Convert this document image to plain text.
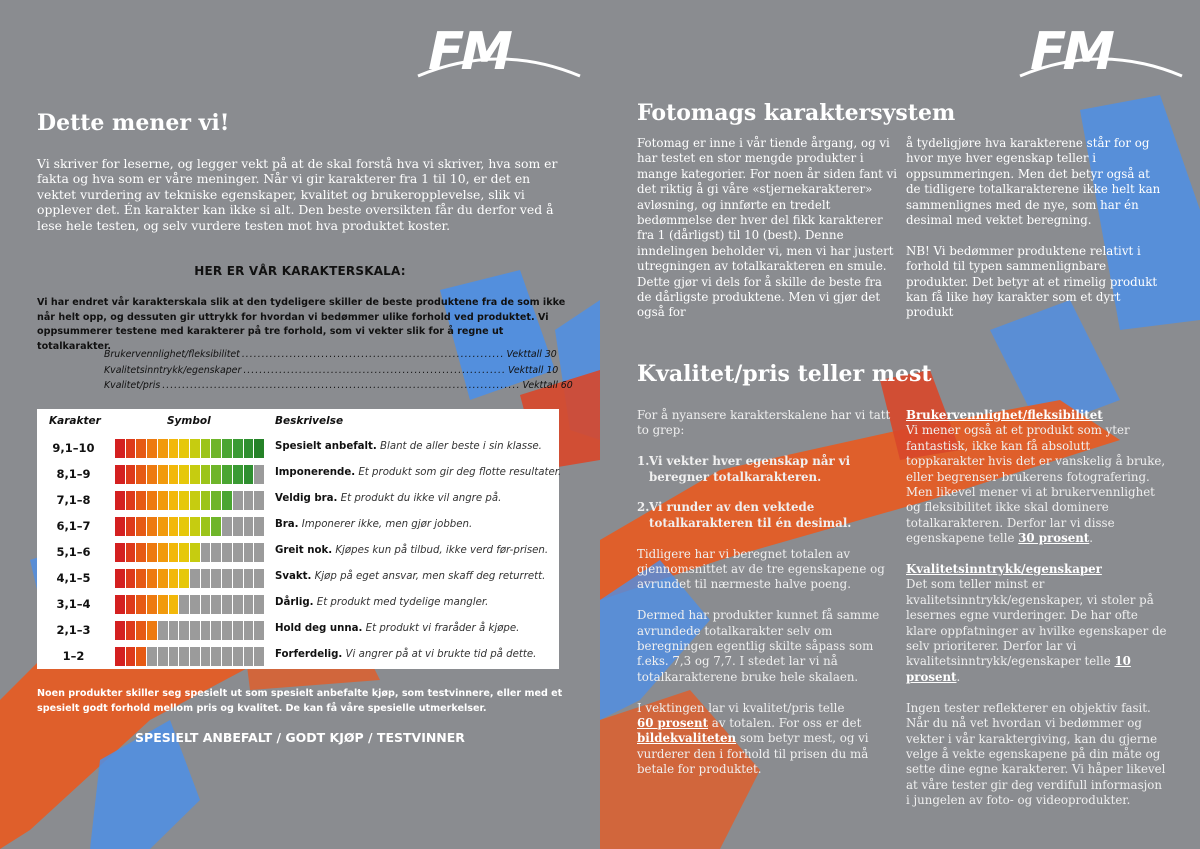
FM
Dette mener vi!
Vi skriver for leserne, og legger vekt på at de skal forstå hva vi skriver, hva som er fakta og hva som er våre meninger. Når vi gir karakterer fra 1 til 10, er det en vektet vurdering av tekniske egenskaper, kvalitet og brukeropplevelse, slik vi opplever det. Én karakter kan ikke si alt. Den beste oversikten får du derfor ved å lese hele testen, og selv vurdere testen mot hva produktet koster.
HER ER VÅR KARAKTERSKALA:
Vi har endret vår karakterskala slik at den tydeligere skiller de beste produktene fra de som ikke når helt opp, og dessuten gir uttrykk for hvordan vi bedømmer ulike forhold ved produktet. Vi oppsummerer testene med karakterer på tre forhold, som vi vekter slik for å regne ut totalkarakter.
Brukervennlighet/fleksibilitet .................................................................. Vekttall 30
Kvalitetsinntrykk/egenskaper .................................................................. Vekttall 10
Kvalitet/pris .......................................................................................... Vekttall 60
Karakter	Symbol	Beskrivelse
9,1–10	Spesielt anbefalt. Blant de aller beste i sin klasse.
8,1–9	Imponerende. Et produkt som gir deg flotte resultater.
7,1–8	Veldig bra. Et produkt du ikke vil angre på.
6,1–7	Bra. Imponerer ikke, men gjør jobben.
5,1–6	Greit nok. Kjøpes kun på tilbud, ikke verd før-prisen.
4,1–5	Svakt. Kjøp på eget ansvar, men skaff deg returrett.
3,1–4	Dårlig. Et produkt med tydelige mangler.
2,1–3	Hold deg unna. Et produkt vi fraråder å kjøpe.
1–2	Forferdelig. Vi angrer på at vi brukte tid på dette.
Noen produkter skiller seg spesielt ut som spesielt anbefalte kjøp, som testvinnere, eller med et spesielt godt forhold mellom pris og kvalitet. De kan få våre spesielle utmerkelser.
SPESIELT ANBEFALT / GODT KJØP / TESTVINNER
FM
Fotomags karaktersystem

Fotomag er inne i vår tiende årgang, og vi har testet en stor mengde produkter i mange kategorier. For noen år siden fant vi det riktig å gi våre «stjernekarakterer» avløsning, og innførte en tredelt bedømmelse der hver del fikk karakterer fra 1 (dårligst) til 10 (best). Denne inndelingen beholder vi, men vi har justert utregningen av totalkarakteren en smule. Dette gjør vi dels for å skille de beste fra de dårligste produktene. Men vi gjør det også for

å tydeligjøre hva karakterene står for og hvor mye hver egenskap teller i oppsummeringen. Men det betyr også at de tidligere totalkarakterene ikke helt kan sammenlignes med de nye, som har én desimal med vektet beregning.

NB! Vi bedømmer produktene relativt i forhold til typen sammenlignbare produkter. Det betyr at et rimelig produkt kan få like høy karakter som et dyrt produkt

Kvalitet/pris teller mest

For å nyansere karakterskalene har vi tatt to grep:

1. Vi vekter hver egenskap når vi beregner totalkarakteren.
2. Vi runder av den vektede totalkarakteren til én desimal.

Tidligere har vi beregnet totalen av gjennomsnittet av de tre egenskapene og avrundet til nærmeste halve poeng.

Dermed har produkter kunnet få samme avrundede totalkarakter selv om beregningen egentlig skilte såpass som f.eks. 7,3 og 7,7. I stedet lar vi nå totalkarakterene bruke hele skalaen.

I vektingen lar vi kvalitet/pris telle
60 prosent av totalen. For oss er det
bildekvaliteten som betyr mest, og vi vurderer den i forhold til prisen du må betale for produktet.

Brukervennlighet/fleksibilitet

Vi mener også at et produkt som yter fantastisk, ikke kan få absolutt toppkarakter hvis det er vanskelig å bruke, eller begrenser brukerens fotografering. Men likevel mener vi at brukervennlighet og fleksibilitet ikke skal dominere totalkarakteren. Derfor lar vi disse egenskapene telle 30 prosent.

Kvalitetsinntrykk/egenskaper

Det som teller minst er kvalitetsinntrykk/egenskaper, vi stoler på lesernes egne vurderinger. De har ofte klare oppfatninger av hvilke egenskaper de selv prioriterer. Derfor lar vi kvalitetsinntrykk/egenskaper telle 10 prosent.

Ingen tester reflekterer en objektiv fasit. Når du nå vet hvordan vi bedømmer og vekter i vår karaktergiving, kan du gjerne velge å vekte egenskapene på din måte og sette dine egne karakterer. Vi håper likevel at våre tester gir deg verdifull informasjon i jungelen av foto- og videoprodukter.
